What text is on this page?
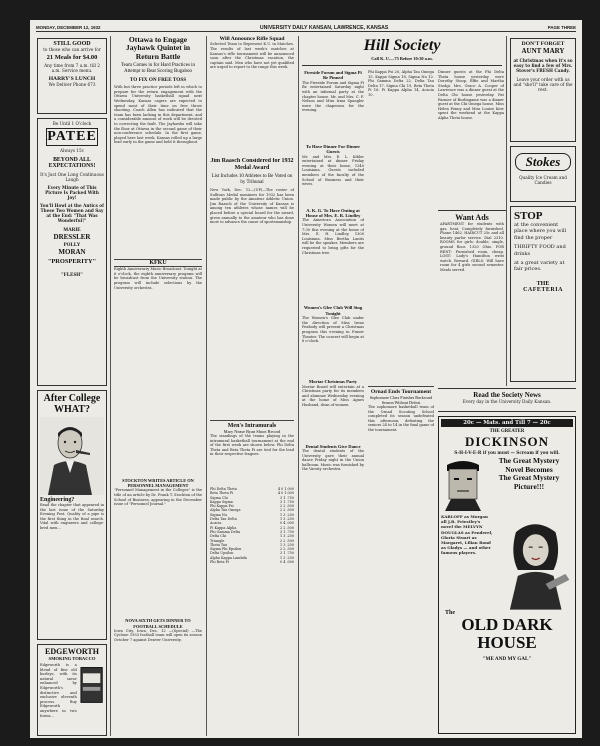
MONDAY, DECEMBER 12, 1932	UNIVERSITY DAILY KANSAN, LAWRENCE, KANSAS	PAGE THREE
STILL GOOD
to those who can arrive for
21 Meals for $4.00
Any time from 7 a.m. till 2 a.m. Service menu.
HARRY'S LUNCH
We Deliver Phone 673
Be Until 1 O'clock
PATEE
Always 15c
BEYOND ALL
EXPECTATIONS!
It's Just One Long Continuous Laugh
Every Minute of This Picture Is Packed With Joy!
You'll Howl at the Antics of These Two Women and Say at the End: "That Was Wonderful!"
MARIE
DRESSLER
POLLY
MORAN
"PROSPERITY"
"FLESH"
After College
WHAT?
Engineering?
Read the chapter that appeared in the last issue of the Saturday Evening Post. Quality of a pipe is the first thing in the final search. Vital with engineers and college-bred men...
EDGEWORTH
SMOKING TOBACCO
Edgeworth is a blend of fine old burleys, with its natural savor enhanced by Edgeworth's distinctive and exclusive eleventh process. Buy Edgeworth anywhere in two forms...
Ottawa to Engage Jayhawk Quintet in Return Battle
Team Comes in for Hard Practices in Attempt to Beat Scoring Bugaboo
TO FIX ON FREE TOSS
With but three practice periods left in which to prepare for the return engagement with the Ottawa University basketball squad next Wednesday, Kansas cagers are expected to spend most of their time on free throw shooting. Coach Allen has indicated that the team has been lacking in this department, and a considerable amount of work will be devoted to correcting the fault. The Jayhawks will take the floor at Ottawa in the second game of their non-conference schedule. In the first game, played here last week, Kansas rolled up a large lead early in the game and held it throughout.
KFKU
Eighth Anniversary Music Broadcast. Tonight at 6 o'clock, the eighth anniversary program will be broadcast from the University station. The program will include selections by the University orchestra.
STOCKTON WRITES ARTICLE ON PERSONNEL MANAGEMENT
"Personnel Management in the Colleges" is the title of an article by Dr. Frank T. Stockton of the School of Business, appearing in the December issue of "Personnel Journal."
NOVA SIXTH GETS DINNER TO FOOTBALL SCHEDULE
Iowa City, Iowa, Dec. 12 —(Special) —The Cyclone 1933 football team will open its season October 7 against Denver University.
Will Announce Rifle Squad
Selected Team to Represent K.U. in Matches. The results of last week's matches at Kansas's rifle tournament will be announced soon after the Christmas vacation, the captain said. Men who have not yet qualified are urged to report to the range this week.
Jim Raasch Considered for 1932 Medal Award
List Includes 10 Athletes to Be Voted on by Tribunal
New York, Dec. 12—(UP)—The roster of Sullivan Medal nominees for 1932 has been made public by the Amateur Athletic Union. Jim Raasch of the University of Kansas is among ten athletes whose names will be placed before a special board for the award, given annually to the amateur who has done most to advance the cause of sportsmanship.
Men's Intramurals
Mary Nease Ryan Shoot Record
The standings of the teams playing in the intramural basketball tournament at the end of the first week are shown below. Phi Delta Theta and Beta Theta Pi are tied for the lead in their respective leagues.
Phi Delta Theta	4 0 1.000
Beta Theta Pi	4 0 1.000
Sigma Chi	3 1 .750
Kappa Sigma	3 1 .750
Phi Kappa Psi	2 2 .500
Alpha Tau Omega	2 2 .500
Sigma Nu	1 3 .250
Delta Tau Delta	1 3 .250
Acacia	0 4 .000
Pi Kappa Alpha	2 2 .500
Phi Gamma Delta	3 1 .750
Delta Chi	1 3 .250
Triangle	2 2 .500
Theta Tau	1 3 .250
Sigma Phi Epsilon	2 2 .500
Delta Upsilon	3 1 .750
Alpha Kappa Lambda	1 3 .250
Phi Beta Pi	0 4 .000
Hill Society
Call K. U.—75 Before 10:30 a.m.
Fireside Forum and Sigma Pi Be Pinned
The Fireside Forum and Sigma Pi Be entertained Saturday night with an informal party at the chapter house. Mr. and Mrs. C. F. Nelson and Miss Irma Spangler were the chaperons for the evening.
To Have Dinner For Dinner Guests
Mr. and Mrs. E. L. Kibler entertained at dinner Friday evening at their home, 1340 Louisiana. Guests included members of the faculty of the School of Business and their wives.
A. K. G. To Have Outing at House of Mrs. E. R. Lindley
The American Association of University Women will meet at 7:30 this evening at the home of Mrs. E. H. Lindley, 1300 Louisiana. Miss Bertha Lantis will be the speaker. Members are requested to bring gifts for the Christmas tree.
Women's Glee Club Will Sing Tonight
The Women's Glee Club under the direction of Miss Irene Peabody will present a Christmas program this evening in Fraser Theater. The concert will begin at 8 o'clock.
Mortar Christmas Party
Mortar Board will entertain at a Christmas party for its members and alumnae Wednesday evening at the home of Miss Agnes Husband, dean of women.
Dental Students Give Dance
The dental students of the University gave their annual dance Friday night in the Union ballroom. Music was furnished by the Varsity orchestra.
Phi Kappa Psi 20, Alpha Tau Omega 15. Kappa Sigma 18, Sigma Nu 12. Phi Gamma Delta 22, Delta Tau Delta 17. Sigma Chi 19, Beta Theta Pi 16. Pi Kappa Alpha 14, Acacia 10.
Ornad Ends Tournament
Sophomore Class Finishes Backward Season Without Defeat
The sophomore basketball team of the Ornad Scouting School completed its season undefeated this afternoon, defeating the seniors 24 to 14 in the final game of the tournament.
Dinner guests at the Phi Delta Theta house yesterday were Dorothy Stoop, Effie and Martha Stodgi. Mrs. Grace A. Cooper of Lawrence was a dinner guest at the Delta Chi house yesterday. Pat Farmer of Burlingame was a dinner guest at the Chi Omega house. Miss Helen Penny and Miss Louise Kerr spent the weekend at the Kappa Alpha Theta house.
DON'T FORGET
AUNT MARY
at Christmas when it's so easy to find a few of Mrs. Stover's FRESH Candy.
Leave your order with us and "she'll" take care of the rest.
Stokes
Quality Ice Cream and Candies
Want Ads
APARTMENT for students with gas, heat, Completely furnished. Phone 1462. HAIRCUT 25c and all beauty parlor service. Dial 2310. ROOMS for girls: double, single, ground floor. 1320 Ohio. FOR RENT: Furnished room, cheap. LOST: Lady's Hamilton wrist watch. Reward. GIRLS: Will have room for 4 girls second semester. Meals served.
STOP
at the convenient place where you will find the proper
THRIFTY FOOD and drinks
at a great variety at fair prices.
THE
CAFETERIA
Read the Society News
Every day in the University Daily Kansan.
20c — Mats. and Till 7 — 20c
THE GREATER
DICKINSON
S-H-I-V-E-R if you must — Scream if you will.
The Great Mystery
Novel Becomes
The Great Mystery
Picture!!!
KARLOFF as Morgan all J.B. Priestley's novel the MELVYN DOUGLAS as Penderel, Gloria Stuart as Margaret, Lilian Bond as Gladys — and other famous players.
The
OLD DARK
HOUSE
"ME AND MY GAL"
